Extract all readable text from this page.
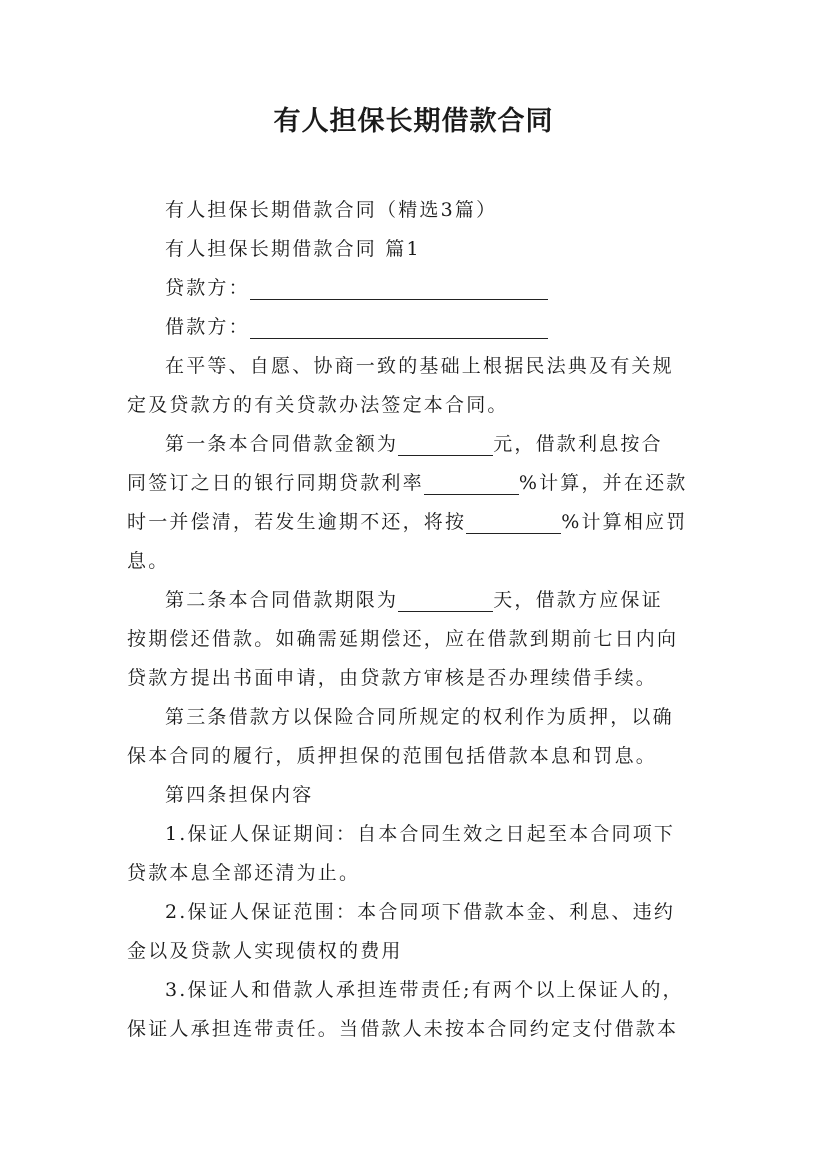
有人担保长期借款合同

有人担保长期借款合同（精选3篇）

有人担保长期借款合同 篇1

贷款方：

借款方：

在平等、自愿、协商一致的基础上根据民法典及有关规

定及贷款方的有关贷款办法签定本合同。

第一条本合同借款金额为	元，借款利息按合

同签订之日的银行同期贷款利率	%计算，并在还款

时一并偿清，若发生逾期不还，将按	%计算相应罚

息。

第二条本合同借款期限为	天，借款方应保证

按期偿还借款。如确需延期偿还，应在借款到期前七日内向

贷款方提出书面申请，由贷款方审核是否办理续借手续。

第三条借款方以保险合同所规定的权利作为质押，以确

保本合同的履行，质押担保的范围包括借款本息和罚息。

第四条担保内容

1.保证人保证期间：自本合同生效之日起至本合同项下

贷款本息全部还清为止。

2.保证人保证范围：本合同项下借款本金、利息、违约

金以及贷款人实现债权的费用

3.保证人和借款人承担连带责任;有两个以上保证人的，

保证人承担连带责任。当借款人未按本合同约定支付借款本
